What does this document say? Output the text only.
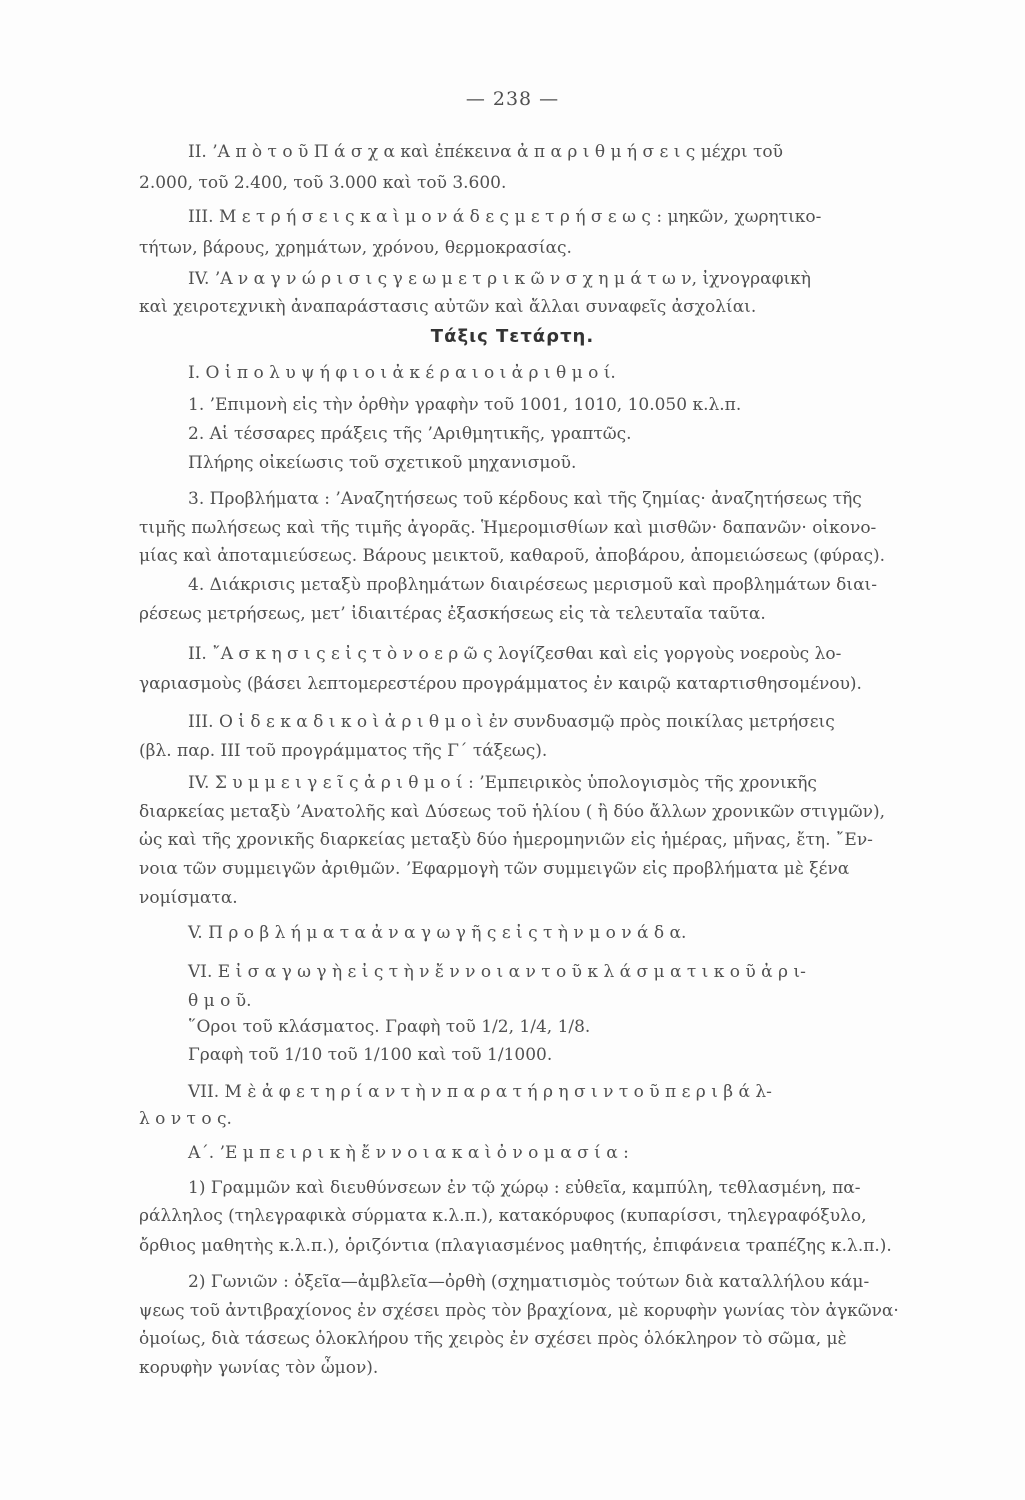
— 238 —
II. ’Α π ὸ τ ο ῦ Π ά σ χ α καὶ ἐπέκεινα ἀ π α ρ ι θ μ ή σ ε ι ς μέχρι τοῦ
2.000, τοῦ 2.400, τοῦ 3.000 καὶ τοῦ 3.600.
III. Μ ε τ ρ ή σ ε ι ς κ α ὶ μ ο ν ά δ ε ς μ ε τ ρ ή σ ε ω ς : μηκῶν, χωρητικο-
τήτων, βάρους, χρημάτων, χρόνου, θερμοκρασίας.
IV. ’Α ν α γ ν ώ ρ ι σ ι ς γ ε ω μ ε τ ρ ι κ ῶ ν σ χ η μ ά τ ω ν, ἰχνογραφικὴ
καὶ χειροτεχνικὴ ἀναπαράστασις αὐτῶν καὶ ἄλλαι συναφεῖς ἀσχολίαι.
Τάξις Τετάρτη.
I. Ο ἱ π ο λ υ ψ ή φ ι ο ι ἀ κ έ ρ α ι ο ι ἀ ρ ι θ μ ο ί.
1. ’Επιμονὴ εἰς τὴν ὀρθὴν γραφὴν τοῦ 1001, 1010, 10.050 κ.λ.π.
2. Αἱ τέσσαρες πράξεις τῆς ’Αριθμητικῆς, γραπτῶς.
Πλήρης οἰκείωσις τοῦ σχετικοῦ μηχανισμοῦ.
3. Προβλήματα : ’Αναζητήσεως τοῦ κέρδους καὶ τῆς ζημίας· ἀναζητήσεως τῆς
τιμῆς πωλήσεως καὶ τῆς τιμῆς ἀγορᾶς. Ἡμερομισθίων καὶ μισθῶν· δαπανῶν· οἰκονο-
μίας καὶ ἀποταμιεύσεως. Βάρους μεικτοῦ, καθαροῦ, ἀποβάρου, ἀπομειώσεως (φύρας).
4. Διάκρισις μεταξὺ προβλημάτων διαιρέσεως μερισμοῦ καὶ προβλημάτων διαι-
ρέσεως μετρήσεως, μετ’ ἰδιαιτέρας ἐξασκήσεως εἰς τὰ τελευταῖα ταῦτα.
II. ῎Α σ κ η σ ι ς ε ἰ ς τ ὸ ν ο ε ρ ῶ ς λογίζεσθαι καὶ εἰς γοργοὺς νοεροὺς λο-
γαριασμοὺς (βάσει λεπτομερεστέρου προγράμματος ἐν καιρῷ καταρτισθησομένου).
III. Ο ἱ δ ε κ α δ ι κ ο ὶ ἀ ρ ι θ μ ο ὶ ἐν συνδυασμῷ πρὸς ποικίλας μετρήσεις
(βλ. παρ. III τοῦ προγράμματος τῆς Γ΄ τάξεως).
IV. Σ υ μ μ ε ι γ ε ῖ ς ἀ ρ ι θ μ ο ί : ’Εμπειρικὸς ὑπολογισμὸς τῆς χρονικῆς
διαρκείας μεταξὺ ’Ανατολῆς καὶ Δύσεως τοῦ ἡλίου ( ἢ δύο ἄλλων χρονικῶν στιγμῶν),
ὡς καὶ τῆς χρονικῆς διαρκείας μεταξὺ δύο ἡμερομηνιῶν εἰς ἡμέρας, μῆνας, ἔτη. ῎Εν-
νοια τῶν συμμειγῶν ἀριθμῶν. ’Εφαρμογὴ τῶν συμμειγῶν εἰς προβλήματα μὲ ξένα
νομίσματα.
V. Π ρ ο β λ ή μ α τ α ἀ ν α γ ω γ ῆ ς ε ἰ ς τ ὴ ν μ ο ν ά δ α.
VI. Ε ἰ σ α γ ω γ ὴ ε ἰ ς τ ὴ ν ἔ ν ν ο ι α ν τ ο ῦ κ λ ά σ μ α τ ι κ ο ῦ ἀ ρ ι-
θ μ ο ῦ.
῞Οροι τοῦ κλάσματος. Γραφὴ τοῦ 1/2, 1/4, 1/8.
Γραφὴ τοῦ 1/10 τοῦ 1/100 καὶ τοῦ 1/1000.
VII. Μ ὲ ἀ φ ε τ η ρ ί α ν τ ὴ ν π α ρ α τ ή ρ η σ ι ν τ ο ῦ π ε ρ ι β ά λ-
λ ο ν τ ο ς.
Α΄. ’Ε μ π ε ι ρ ι κ ὴ ἔ ν ν ο ι α κ α ὶ ὀ ν ο μ α σ ί α :
1) Γραμμῶν καὶ διευθύνσεων ἐν τῷ χώρῳ : εὐθεῖα, καμπύλη, τεθλασμένη, πα-
ράλληλος (τηλεγραφικὰ σύρματα κ.λ.π.), κατακόρυφος (κυπαρίσσι, τηλεγραφόξυλο,
ὄρθιος μαθητὴς κ.λ.π.), ὁριζόντια (πλαγιασμένος μαθητής, ἐπιφάνεια τραπέζης κ.λ.π.).
2) Γωνιῶν : ὀξεῖα—ἀμβλεῖα—ὀρθὴ (σχηματισμὸς τούτων διὰ καταλλήλου κάμ-
ψεως τοῦ ἀντιβραχίονος ἐν σχέσει πρὸς τὸν βραχίονα, μὲ κορυφὴν γωνίας τὸν ἀγκῶνα·
ὁμοίως, διὰ τάσεως ὁλοκλήρου τῆς χειρὸς ἐν σχέσει πρὸς ὁλόκληρον τὸ σῶμα, μὲ
κορυφὴν γωνίας τὸν ὦμον).
